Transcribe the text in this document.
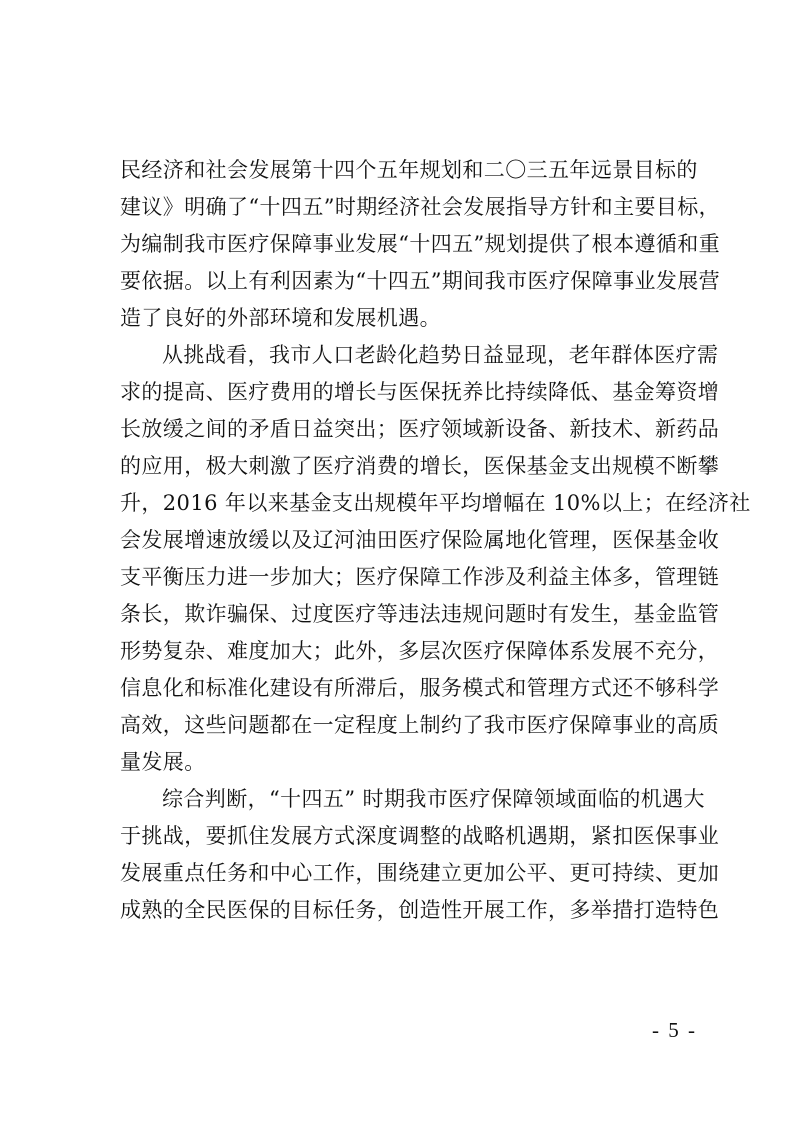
民经济和社会发展第十四个五年规划和二〇三五年远景目标的
建议》明确了“十四五”时期经济社会发展指导方针和主要目标，
为编制我市医疗保障事业发展“十四五”规划提供了根本遵循和重
要依据。以上有利因素为“十四五”期间我市医疗保障事业发展营
造了良好的外部环境和发展机遇。
从挑战看，我市人口老龄化趋势日益显现，老年群体医疗需
求的提高、医疗费用的增长与医保抚养比持续降低、基金筹资增
长放缓之间的矛盾日益突出；医疗领域新设备、新技术、新药品
的应用，极大刺激了医疗消费的增长，医保基金支出规模不断攀
升，2016 年以来基金支出规模年平均增幅在 10%以上；在经济社
会发展增速放缓以及辽河油田医疗保险属地化管理，医保基金收
支平衡压力进一步加大；医疗保障工作涉及利益主体多，管理链
条长，欺诈骗保、过度医疗等违法违规问题时有发生，基金监管
形势复杂、难度加大；此外，多层次医疗保障体系发展不充分，
信息化和标准化建设有所滞后，服务模式和管理方式还不够科学
高效，这些问题都在一定程度上制约了我市医疗保障事业的高质
量发展。
综合判断，“十四五” 时期我市医疗保障领域面临的机遇大
于挑战，要抓住发展方式深度调整的战略机遇期，紧扣医保事业
发展重点任务和中心工作，围绕建立更加公平、更可持续、更加
成熟的全民医保的目标任务，创造性开展工作，多举措打造特色
- 5 -
